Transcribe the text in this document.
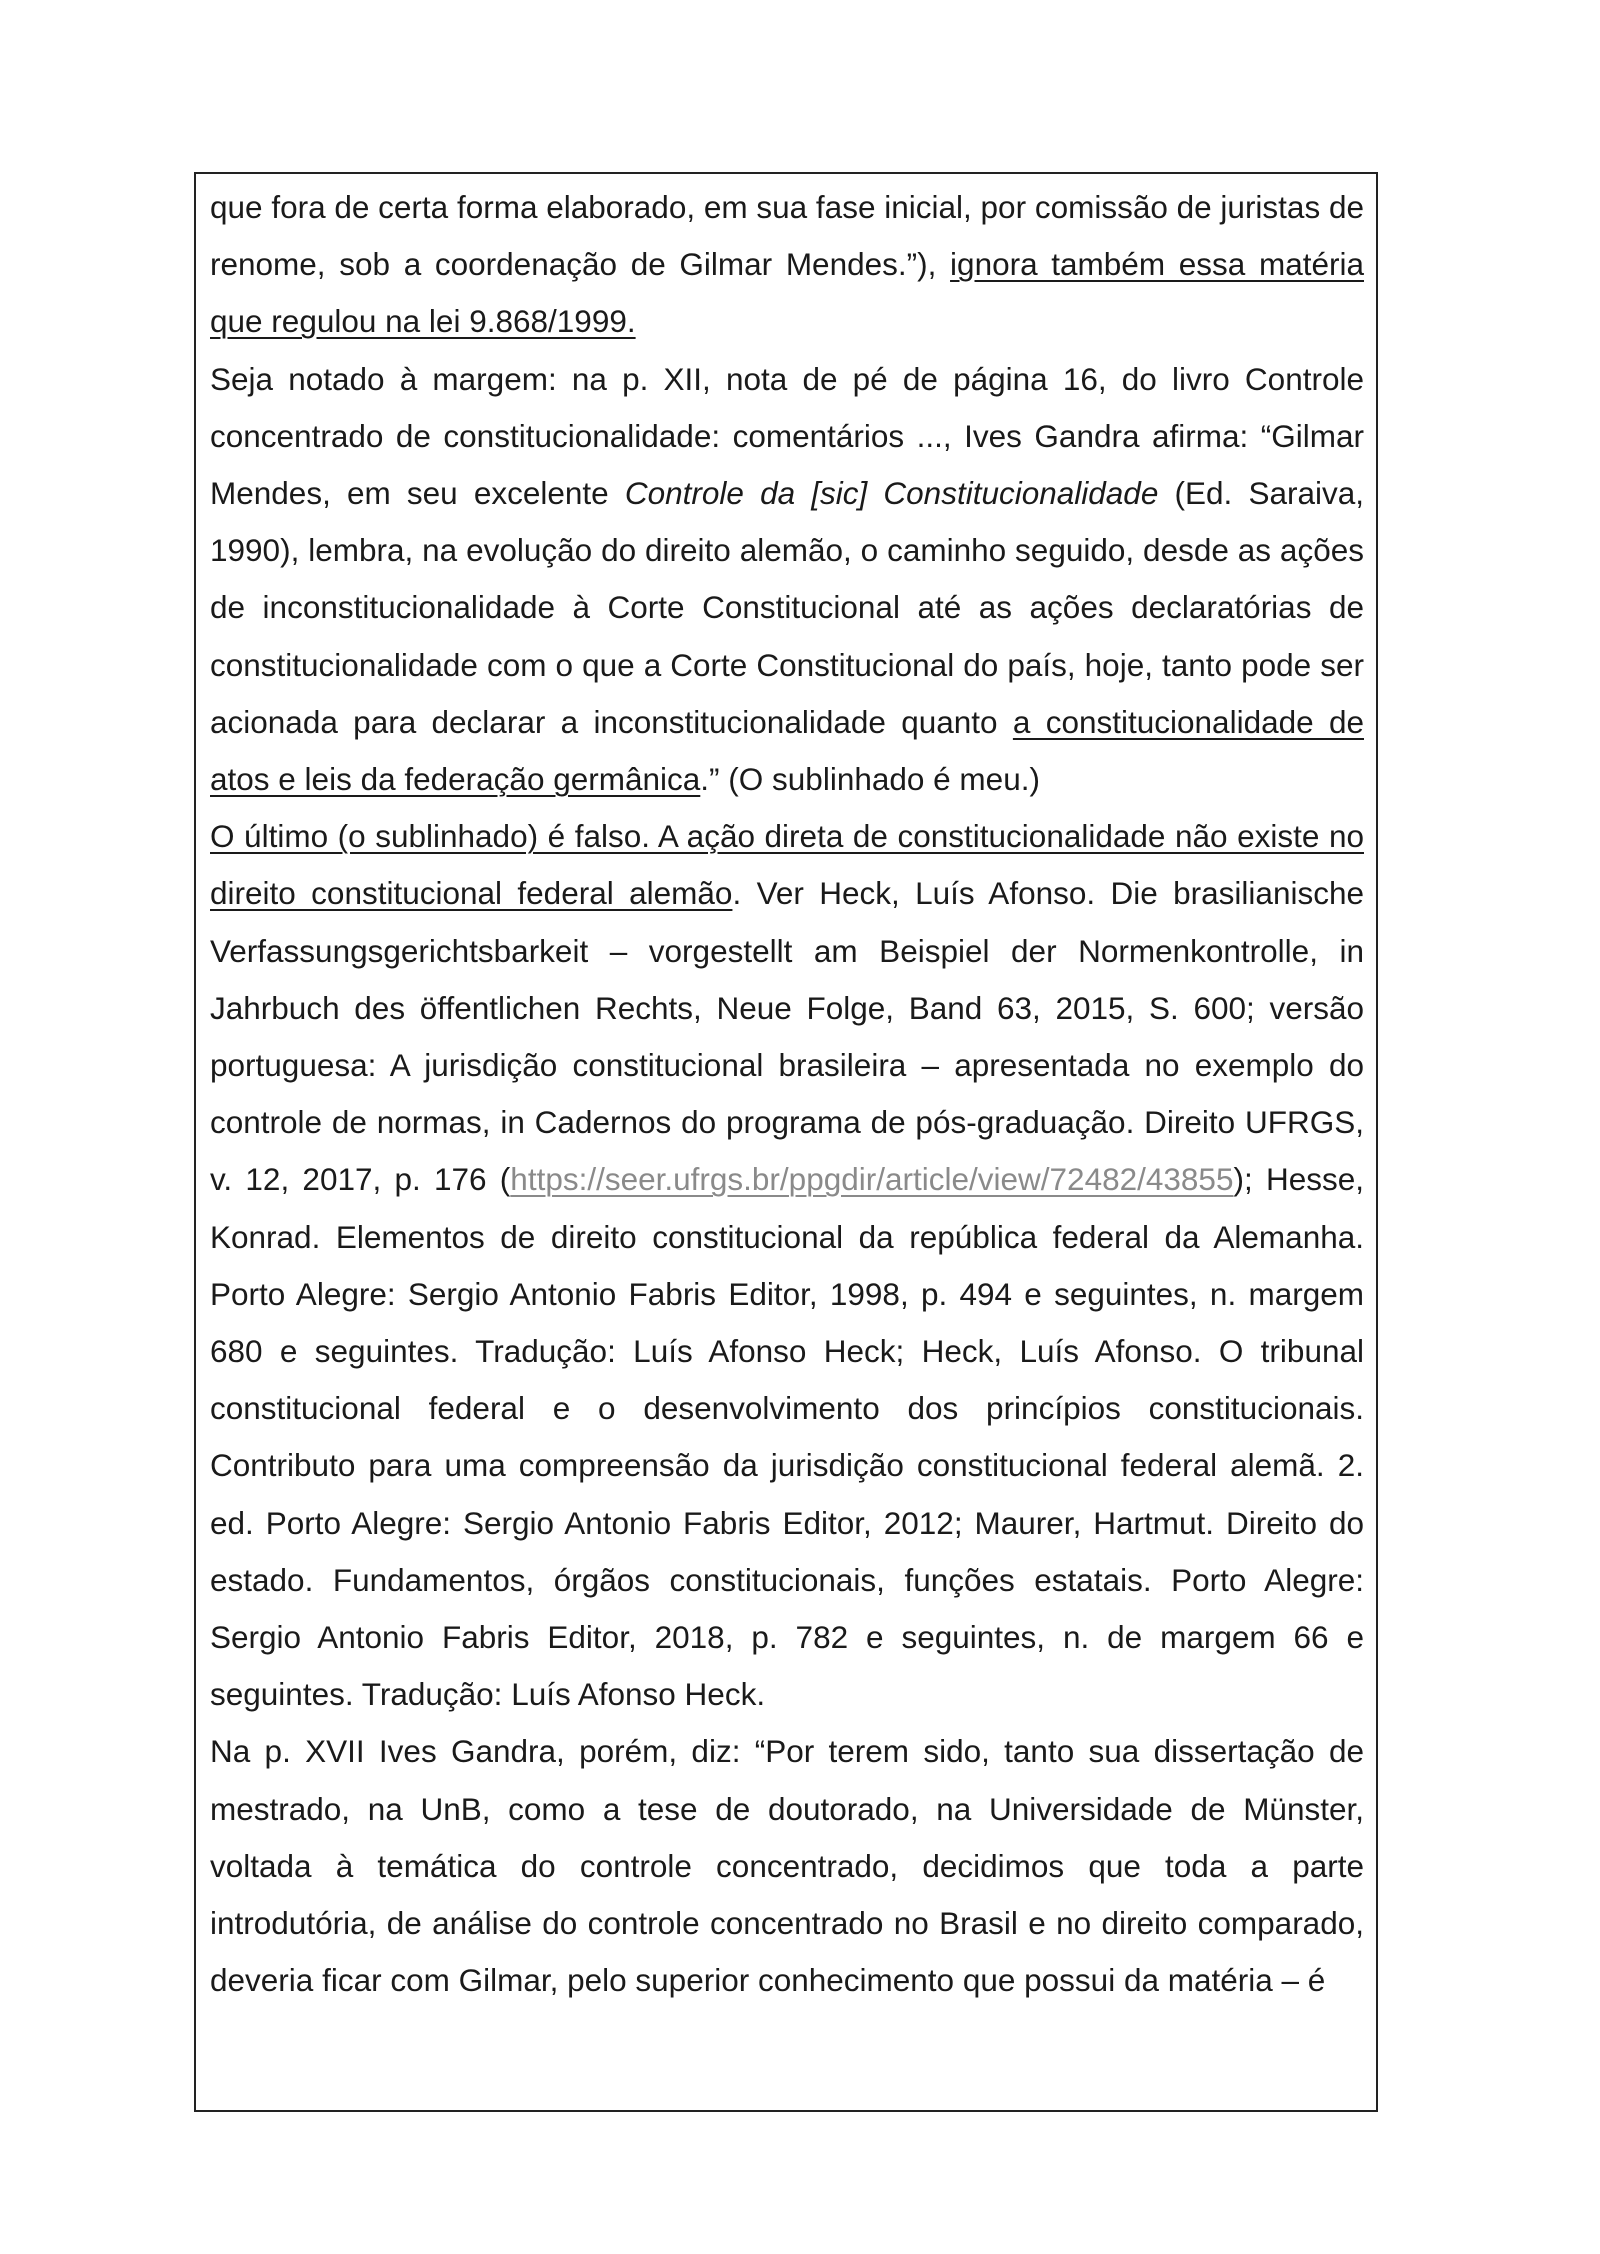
que fora de certa forma elaborado, em sua fase inicial, por comissão de juristas de renome, sob a coordenação de Gilmar Mendes.”), ignora também essa matéria que regulou na lei 9.868/1999.

Seja notado à margem: na p. XII, nota de pé de página 16, do livro Controle concentrado de constitucionalidade: comentários ..., Ives Gandra afirma: “Gilmar Mendes, em seu excelente Controle da [sic] Constitucionalidade (Ed. Saraiva, 1990), lembra, na evolução do direito alemão, o caminho seguido, desde as ações de inconstitucionalidade à Corte Constitucional até as ações declaratórias de constitucionalidade com o que a Corte Constitucional do país, hoje, tanto pode ser acionada para declarar a inconstitucionalidade quanto a constitucionalidade de atos e leis da federação germânica.” (O sublinhado é meu.)

O último (o sublinhado) é falso. A ação direta de constitucionalidade não existe no direito constitucional federal alemão. Ver Heck, Luís Afonso. Die brasilianische Verfassungsgerichtsbarkeit – vorgestellt am Beispiel der Normenkontrolle, in Jahrbuch des öffentlichen Rechts, Neue Folge, Band 63, 2015, S. 600; versão portuguesa: A jurisdição constitucional brasileira – apresentada no exemplo do controle de normas, in Cadernos do programa de pós-graduação. Direito UFRGS, v. 12, 2017, p. 176 (https://seer.ufrgs.br/ppgdir/article/view/72482/43855); Hesse, Konrad. Elementos de direito constitucional da república federal da Alemanha. Porto Alegre: Sergio Antonio Fabris Editor, 1998, p. 494 e seguintes, n. margem 680 e seguintes. Tradução: Luís Afonso Heck; Heck, Luís Afonso. O tribunal constitucional federal e o desenvolvimento dos princípios constitucionais. Contributo para uma compreensão da jurisdição constitucional federal alemã. 2. ed. Porto Alegre: Sergio Antonio Fabris Editor, 2012; Maurer, Hartmut. Direito do estado. Fundamentos, órgãos constitucionais, funções estatais. Porto Alegre: Sergio Antonio Fabris Editor, 2018, p. 782 e seguintes, n. de margem 66 e seguintes. Tradução: Luís Afonso Heck.

Na p. XVII Ives Gandra, porém, diz: “Por terem sido, tanto sua dissertação de mestrado, na UnB, como a tese de doutorado, na Universidade de Münster, voltada à temática do controle concentrado, decidimos que toda a parte introdutória, de análise do controle concentrado no Brasil e no direito comparado, deveria ficar com Gilmar, pelo superior conhecimento que possui da matéria – é
